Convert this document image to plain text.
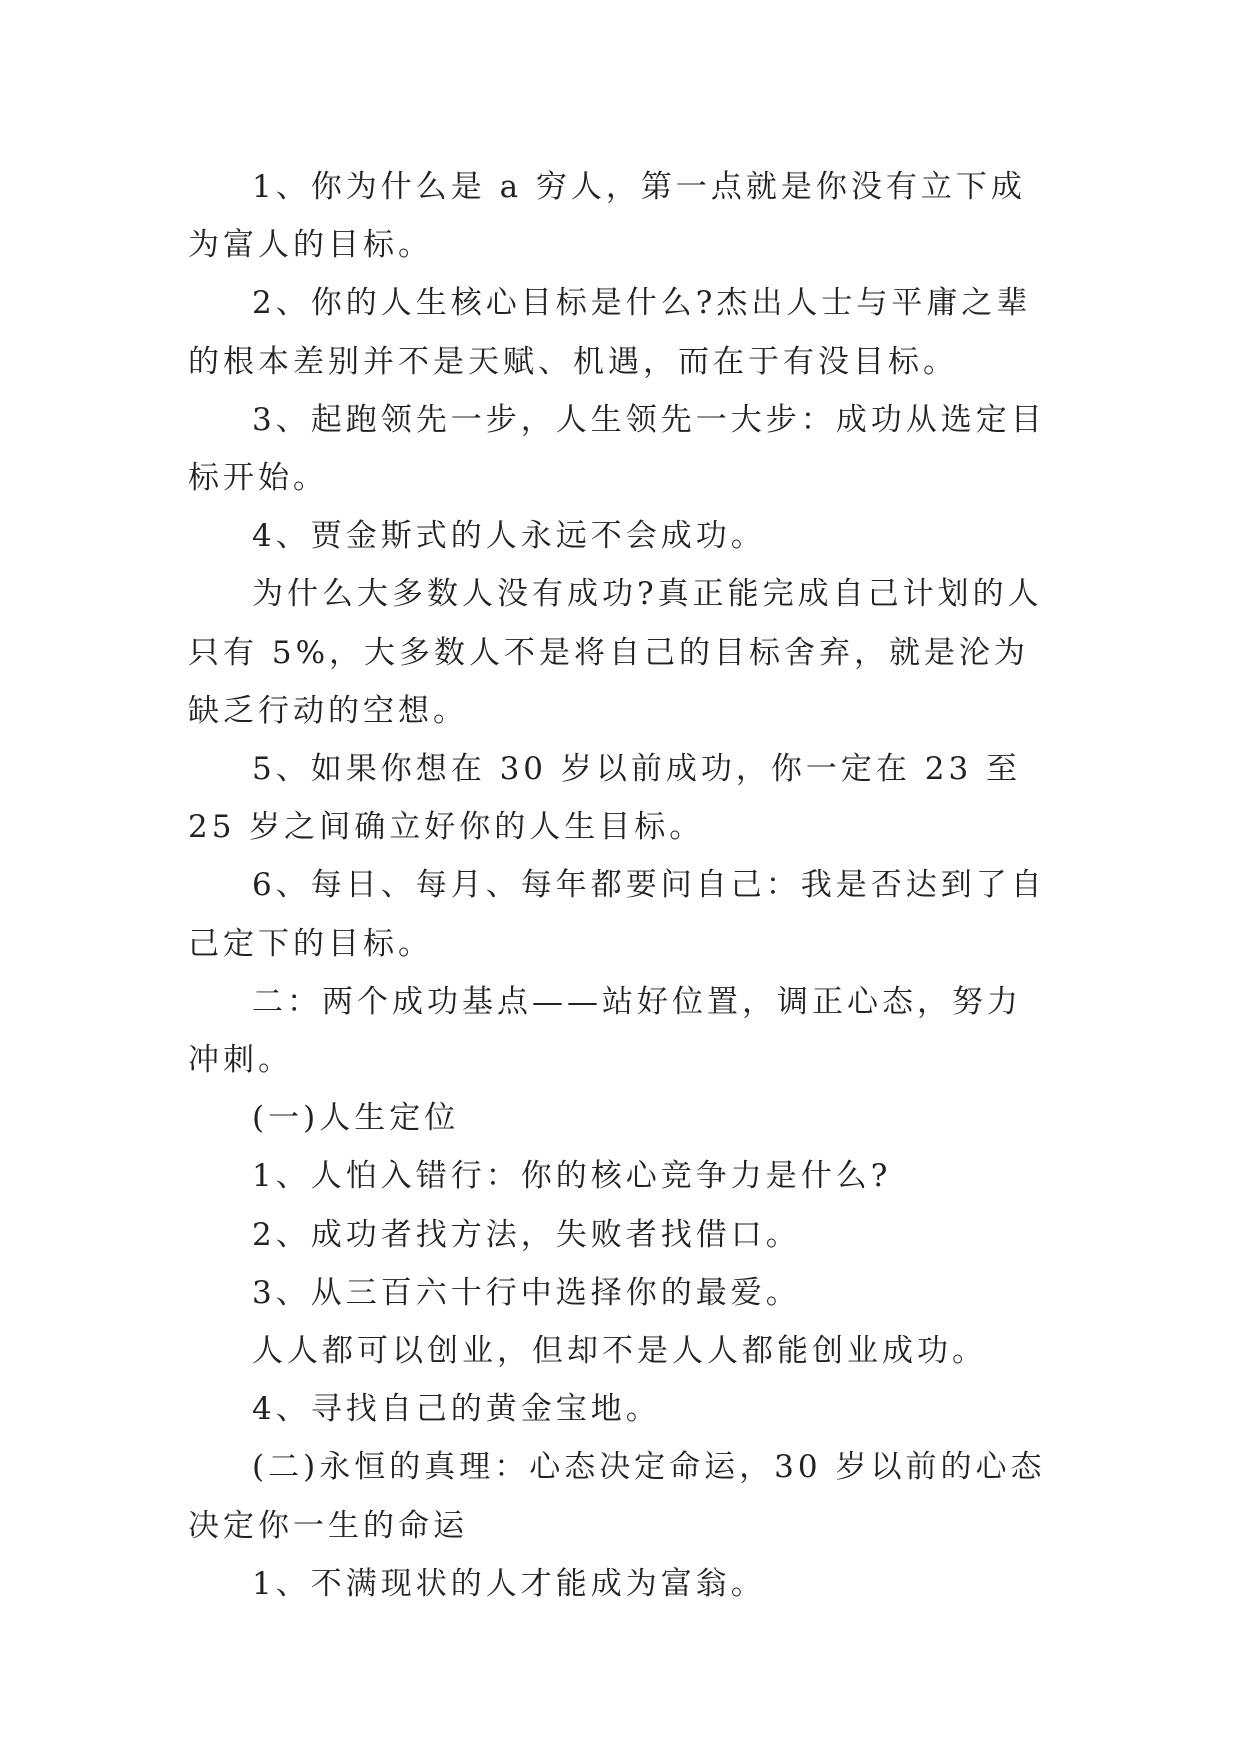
1、你为什么是 a 穷人，第一点就是你没有立下成为富人的目标。

2、你的人生核心目标是什么?杰出人士与平庸之辈的根本差别并不是天赋、机遇，而在于有没目标。

3、起跑领先一步，人生领先一大步：成功从选定目标开始。

4、贾金斯式的人永远不会成功。

为什么大多数人没有成功?真正能完成自己计划的人只有 5%，大多数人不是将自己的目标舍弃，就是沦为缺乏行动的空想。

5、如果你想在 30 岁以前成功，你一定在 23 至 25 岁之间确立好你的人生目标。

6、每日、每月、每年都要问自己：我是否达到了自己定下的目标。

二：两个成功基点——站好位置，调正心态，努力冲刺。

(一)人生定位

1、人怕入错行：你的核心竞争力是什么?

2、成功者找方法，失败者找借口。

3、从三百六十行中选择你的最爱。

人人都可以创业，但却不是人人都能创业成功。

4、寻找自己的黄金宝地。

(二)永恒的真理：心态决定命运，30 岁以前的心态决定你一生的命运

1、不满现状的人才能成为富翁。
